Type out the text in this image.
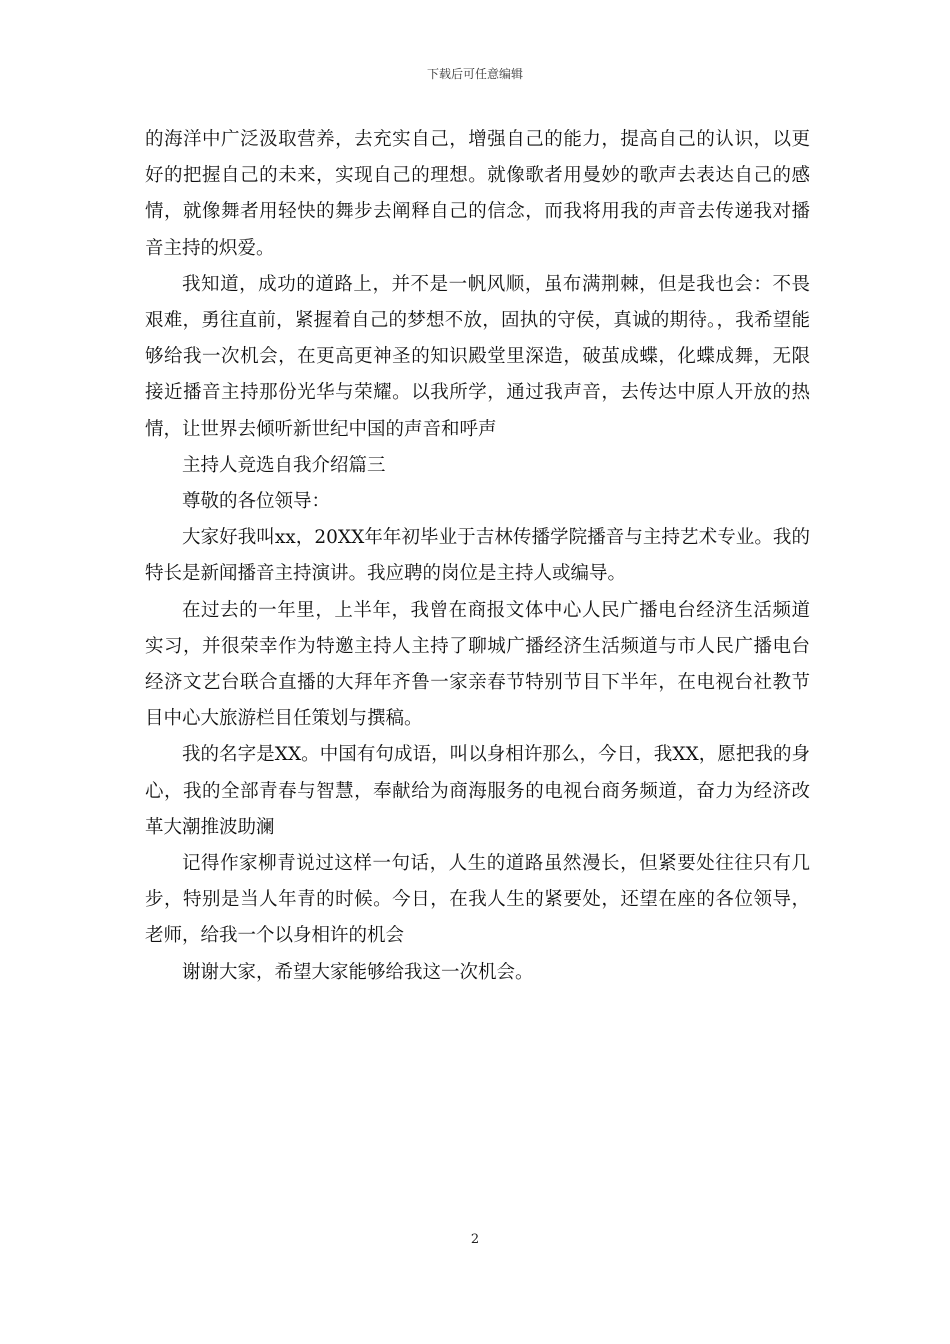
下载后可任意编辑

的海洋中广泛汲取营养，去充实自己，增强自己的能力，提高自己的认识，以更好的把握自己的未来，实现自己的理想。就像歌者用曼妙的歌声去表达自己的感情，就像舞者用轻快的舞步去阐释自己的信念，而我将用我的声音去传递我对播音主持的炽爱。

我知道，成功的道路上，并不是一帆风顺，虽布满荆棘，但是我也会：不畏艰难，勇往直前，紧握着自己的梦想不放，固执的守侯，真诚的期待。，我希望能够给我一次机会，在更高更神圣的知识殿堂里深造，破茧成蝶，化蝶成舞，无限接近播音主持那份光华与荣耀。以我所学，通过我声音，去传达中原人开放的热情，让世界去倾听新世纪中国的声音和呼声

主持人竞选自我介绍篇三

尊敬的各位领导：

大家好我叫xx，20XX年年初毕业于吉林传播学院播音与主持艺术专业。我的特长是新闻播音主持演讲。我应聘的岗位是主持人或编导。

在过去的一年里，上半年，我曾在商报文体中心人民广播电台经济生活频道实习，并很荣幸作为特邀主持人主持了聊城广播经济生活频道与市人民广播电台经济文艺台联合直播的大拜年齐鲁一家亲春节特别节目下半年，在电视台社教节目中心大旅游栏目任策划与撰稿。

我的名字是XX。中国有句成语，叫以身相许那么，今日，我XX，愿把我的身心，我的全部青春与智慧，奉献给为商海服务的电视台商务频道，奋力为经济改革大潮推波助澜

记得作家柳青说过这样一句话，人生的道路虽然漫长，但紧要处往往只有几步，特别是当人年青的时候。今日，在我人生的紧要处，还望在座的各位领导，老师，给我一个以身相许的机会

谢谢大家，希望大家能够给我这一次机会。

2
